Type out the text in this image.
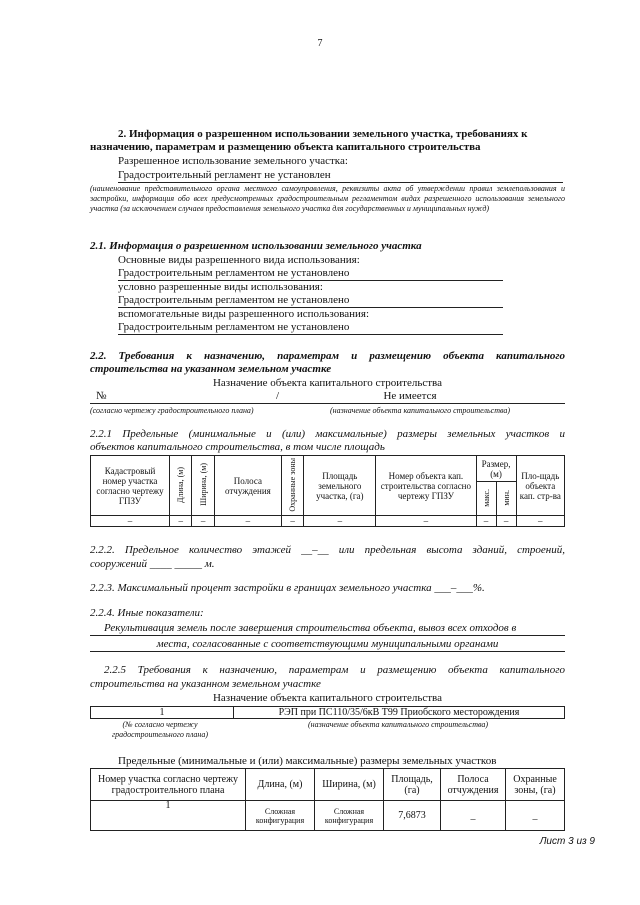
7
2. Информация о разрешенном использовании земельного участка, требованиях к
назначению, параметрам и размещению объекта капитального строительства
Разрешенное использование земельного участка:
Градостроительный регламент не установлен
(наименование представительного органа местного самоуправления, реквизиты акта об утверждении правил землепользования и застройки, информация обо всех предусмотренных градостроительным регламентом видах разрешенного использования земельного участка (за исключением случаев предоставления земельного участка для государственных и муниципальных нужд)
2.1. Информация о разрешенном использовании земельного участка
Основные виды разрешенного вида использования:
Градостроительным регламентом не установлено
условно разрешенные виды использования:
Градостроительным регламентом не установлено
вспомогательные виды разрешенного использования:
Градостроительным регламентом не установлено
2.2. Требования к назначению, параметрам и размещению объекта капитального
строительства на указанном земельном участке
Назначение объекта капитального строительства
№	/	Не имеется
(согласно чертежу градостроительного плана)	(назначение объекта капитального строительства)
2.2.1 Предельные (минимальные и (или) максимальные) размеры земельных участков и
объектов капитального строительства, в том числе площадь
Кадастровый номер участка согласно чертежу ГПЗУ	Длина, (м)	Ширина, (м)	Полоса отчуждения	Охранные зоны	Площадь земельного участка, (га)	Номер объекта кап. строительства согласно чертежу ГПЗУ	Размер, (м)		Пло-щадь объекта кап. стр-ва
							макс.	мин.	
–	–	–	–	–	–	–	–	–	–
2.2.2. Предельное количество этажей __–__ или предельная высота зданий, строений,
сооружений ____ _____ м.
2.2.3. Максимальный процент застройки в границах земельного участка ___–___%.
2.2.4. Иные показатели:
Рекультивация земель после завершения строительства объекта, вывоз всех отходов в
места, согласованные с соответствующими муниципальными органами
2.2.5 Требования к назначению, параметрам и размещению объекта капитального
строительства на указанном земельном участке
Назначение объекта капитального строительства
1	РЭП при ПС110/35/6кВ Т99 Приобского месторождения
(№ согласно чертежу
градостроительного плана)
(назначение объекта капитального строительства)
Предельные (минимальные и (или) максимальные) размеры земельных участков
Номер участка согласно чертежу градостроительного плана	Длина, (м)	Ширина, (м)	Площадь, (га)	Полоса отчуждения	Охранные зоны, (га)
1	Сложная конфигурация	Сложная конфигурация	7,6873	_	_
Лист 3 из 9
